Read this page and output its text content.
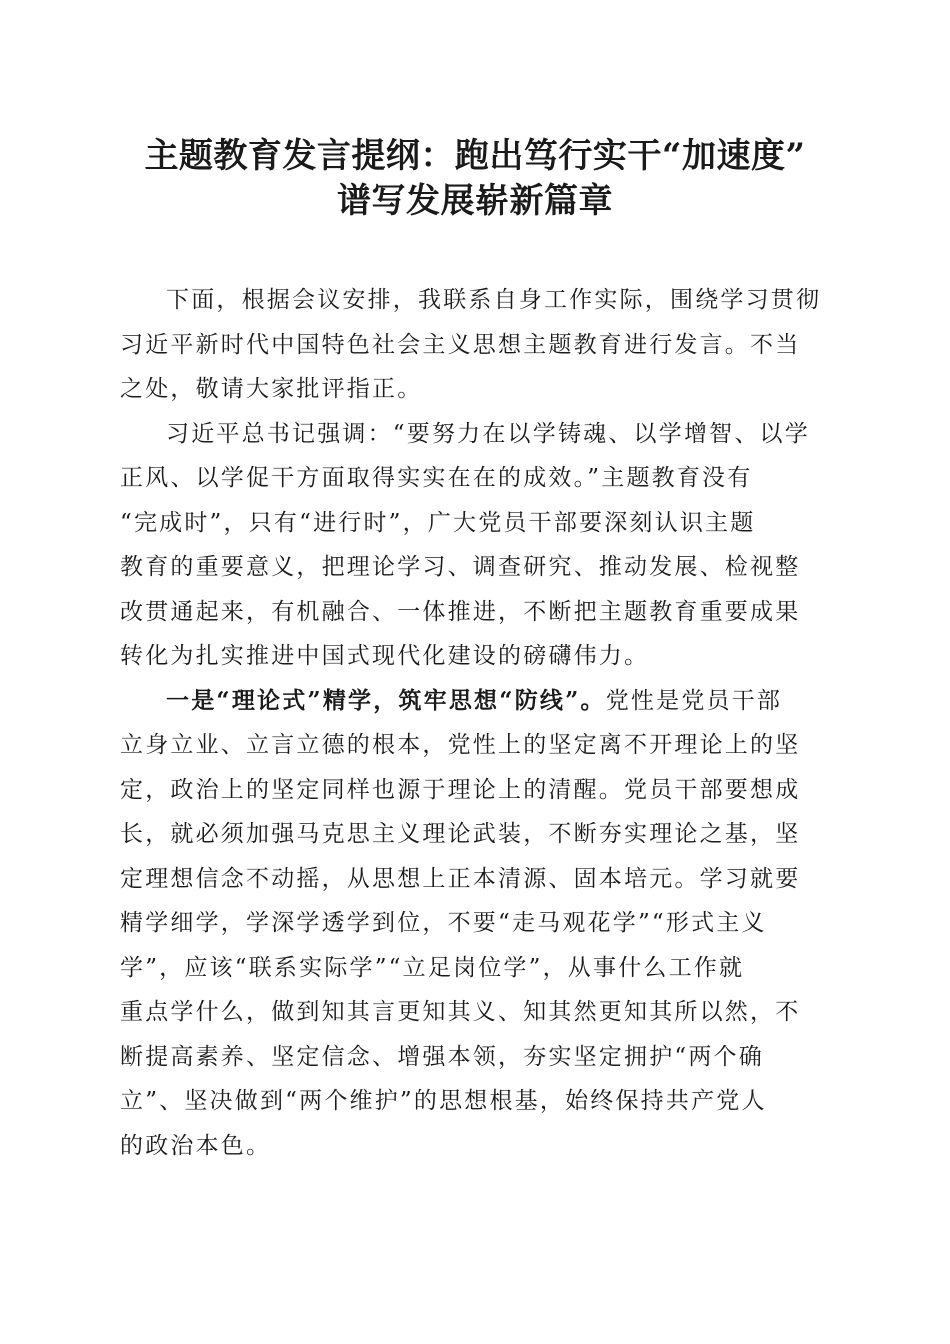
主题教育发言提纲：跑出笃行实干“加速度”
谱写发展崭新篇章

下面，根据会议安排，我联系自身工作实际，围绕学习贯彻
习近平新时代中国特色社会主义思想主题教育进行发言。不当
之处，敬请大家批评指正。

习近平总书记强调：“要努力在以学铸魂、以学增智、以学
正风、以学促干方面取得实实在在的成效。”主题教育没有
“完成时”，只有“进行时”，广大党员干部要深刻认识主题
教育的重要意义，把理论学习、调查研究、推动发展、检视整
改贯通起来，有机融合、一体推进，不断把主题教育重要成果
转化为扎实推进中国式现代化建设的磅礴伟力。

一是“理论式”精学，筑牢思想“防线”。党性是党员干部
立身立业、立言立德的根本，党性上的坚定离不开理论上的坚
定，政治上的坚定同样也源于理论上的清醒。党员干部要想成
长，就必须加强马克思主义理论武装，不断夯实理论之基，坚
定理想信念不动摇，从思想上正本清源、固本培元。学习就要
精学细学，学深学透学到位，不要“走马观花学”“形式主义
学”，应该“联系实际学”“立足岗位学”，从事什么工作就
重点学什么，做到知其言更知其义、知其然更知其所以然，不
断提高素养、坚定信念、增强本领，夯实坚定拥护“两个确
立”、坚决做到“两个维护”的思想根基，始终保持共产党人
的政治本色。
